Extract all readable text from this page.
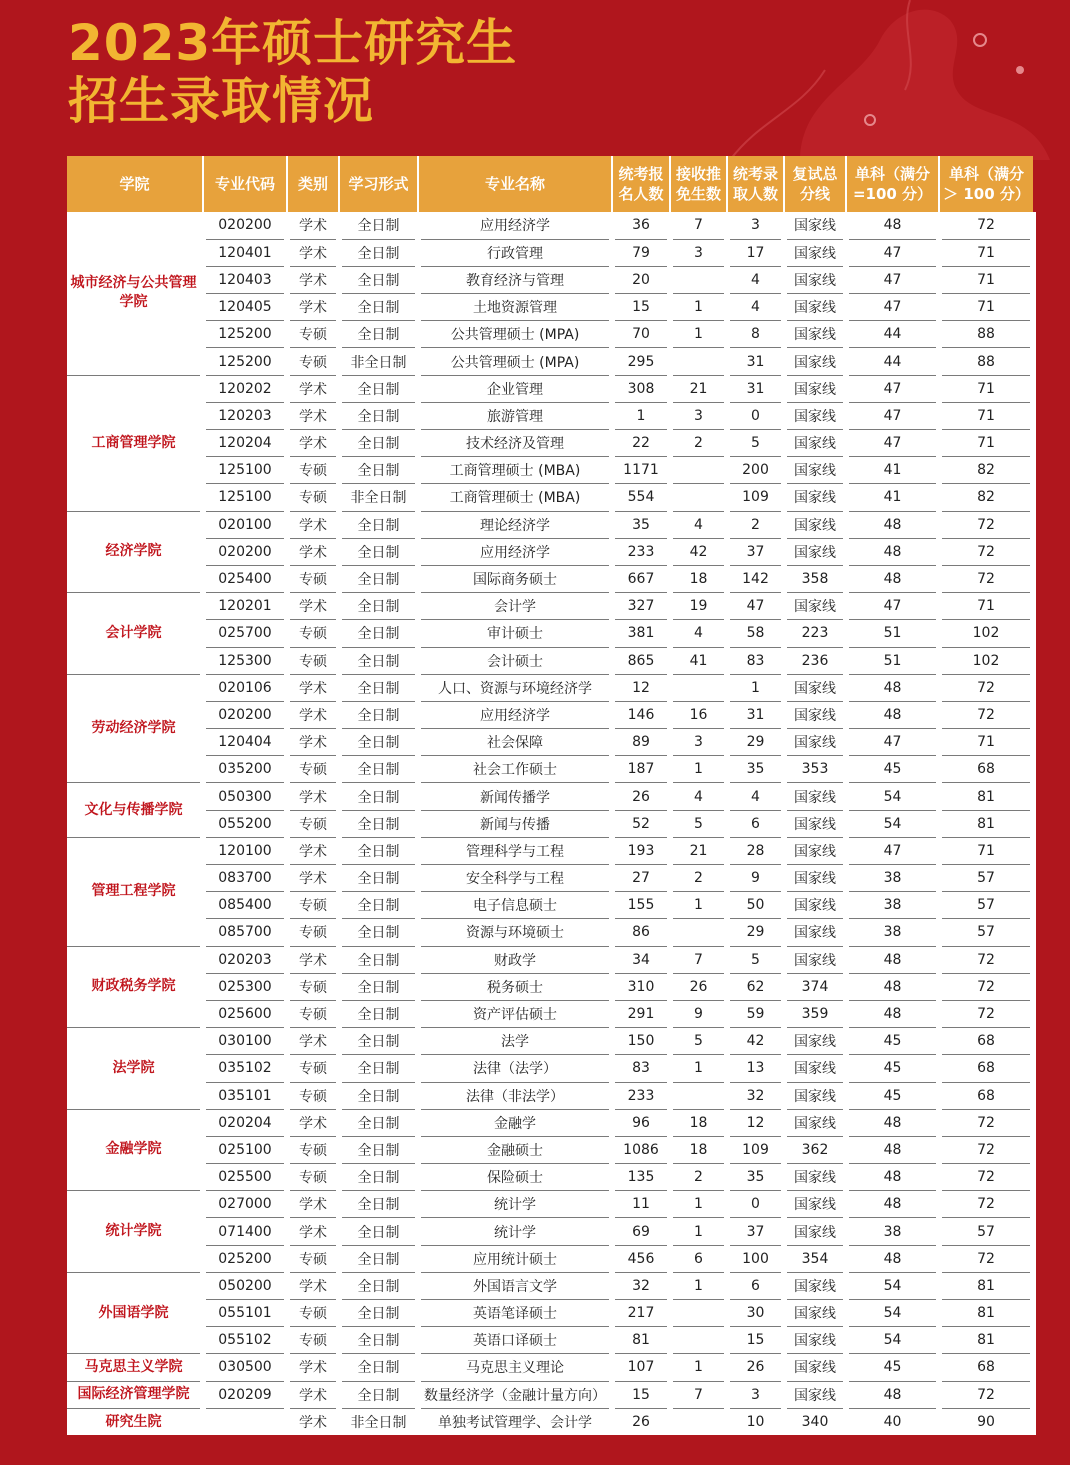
2023年硕士研究生
招生录取情况
学院	专业代码	类别	学习形式	专业名称	统考报名人数	接收推免生数	统考录取人数	复试总分线	单科（满分=100 分）	单科（满分＞ 100 分）
城市经济与公共管理学院	020200	学术	全日制	应用经济学	36	7	3	国家线	48	72
	120401	学术	全日制	行政管理	79	3	17	国家线	47	71
	120403	学术	全日制	教育经济与管理	20		4	国家线	47	71
	120405	学术	全日制	土地资源管理	15	1	4	国家线	47	71
	125200	专硕	全日制	公共管理硕士 (MPA)	70	1	8	国家线	44	88
	125200	专硕	非全日制	公共管理硕士 (MPA)	295		31	国家线	44	88
工商管理学院	120202	学术	全日制	企业管理	308	21	31	国家线	47	71
	120203	学术	全日制	旅游管理	1	3	0	国家线	47	71
	120204	学术	全日制	技术经济及管理	22	2	5	国家线	47	71
	125100	专硕	全日制	工商管理硕士 (MBA)	1171		200	国家线	41	82
	125100	专硕	非全日制	工商管理硕士 (MBA)	554		109	国家线	41	82
经济学院	020100	学术	全日制	理论经济学	35	4	2	国家线	48	72
	020200	学术	全日制	应用经济学	233	42	37	国家线	48	72
	025400	专硕	全日制	国际商务硕士	667	18	142	358	48	72
会计学院	120201	学术	全日制	会计学	327	19	47	国家线	47	71
	025700	专硕	全日制	审计硕士	381	4	58	223	51	102
	125300	专硕	全日制	会计硕士	865	41	83	236	51	102
劳动经济学院	020106	学术	全日制	人口、资源与环境经济学	12		1	国家线	48	72
	020200	学术	全日制	应用经济学	146	16	31	国家线	48	72
	120404	学术	全日制	社会保障	89	3	29	国家线	47	71
	035200	专硕	全日制	社会工作硕士	187	1	35	353	45	68
文化与传播学院	050300	学术	全日制	新闻传播学	26	4	4	国家线	54	81
	055200	专硕	全日制	新闻与传播	52	5	6	国家线	54	81
管理工程学院	120100	学术	全日制	管理科学与工程	193	21	28	国家线	47	71
	083700	学术	全日制	安全科学与工程	27	2	9	国家线	38	57
	085400	专硕	全日制	电子信息硕士	155	1	50	国家线	38	57
	085700	专硕	全日制	资源与环境硕士	86		29	国家线	38	57
财政税务学院	020203	学术	全日制	财政学	34	7	5	国家线	48	72
	025300	专硕	全日制	税务硕士	310	26	62	374	48	72
	025600	专硕	全日制	资产评估硕士	291	9	59	359	48	72
法学院	030100	学术	全日制	法学	150	5	42	国家线	45	68
	035102	专硕	全日制	法律（法学）	83	1	13	国家线	45	68
	035101	专硕	全日制	法律（非法学）	233		32	国家线	45	68
金融学院	020204	学术	全日制	金融学	96	18	12	国家线	48	72
	025100	专硕	全日制	金融硕士	1086	18	109	362	48	72
	025500	专硕	全日制	保险硕士	135	2	35	国家线	48	72
统计学院	027000	学术	全日制	统计学	11	1	0	国家线	48	72
	071400	学术	全日制	统计学	69	1	37	国家线	38	57
	025200	专硕	全日制	应用统计硕士	456	6	100	354	48	72
外国语学院	050200	学术	全日制	外国语言文学	32	1	6	国家线	54	81
	055101	专硕	全日制	英语笔译硕士	217		30	国家线	54	81
	055102	专硕	全日制	英语口译硕士	81		15	国家线	54	81
马克思主义学院	030500	学术	全日制	马克思主义理论	107	1	26	国家线	45	68
国际经济管理学院	020209	学术	全日制	数量经济学（金融计量方向）	15	7	3	国家线	48	72
研究生院		学术	非全日制	单独考试管理学、会计学	26		10	340	40	90
